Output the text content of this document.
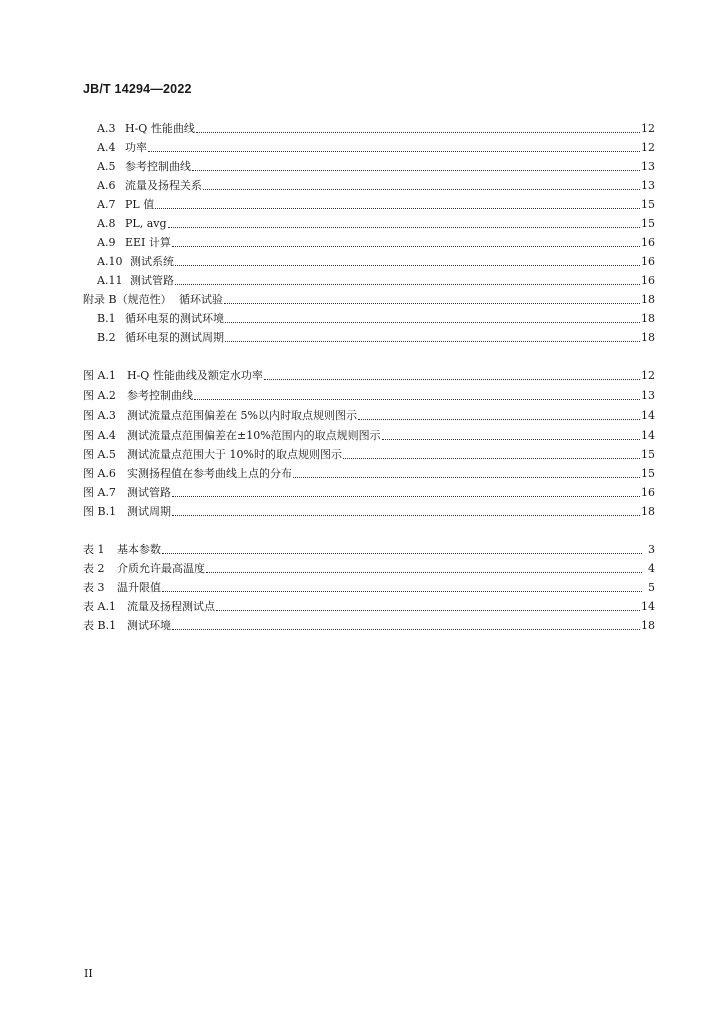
JB/T 14294—2022
A.3 H-Q 性能曲线	12
A.4 功率	12
A.5 参考控制曲线	13
A.6 流量及扬程关系	13
A.7 PL 值	15
A.8 PL, avg	15
A.9 EEI 计算	16
A.10 测试系统	16
A.11 测试管路	16
附录 B（规范性） 循环试验	18
B.1 循环电泵的测试环境	18
B.2 循环电泵的测试周期	18
图 A.1	H-Q 性能曲线及额定水功率	12
图 A.2	参考控制曲线	13
图 A.3	测试流量点范围偏差在 5%以内时取点规则图示	14
图 A.4	测试流量点范围偏差在±10%范围内的取点规则图示	14
图 A.5	测试流量点范围大于 10%时的取点规则图示	15
图 A.6	实测扬程值在参考曲线上点的分布	15
图 A.7	测试管路	16
图 B.1 测试周期	18
表 1	基本参数	3
表 2	介质允许最高温度	4
表 3	温升限值	5
表 A.1	流量及扬程测试点	14
表 B.1 测试环境	18
II
